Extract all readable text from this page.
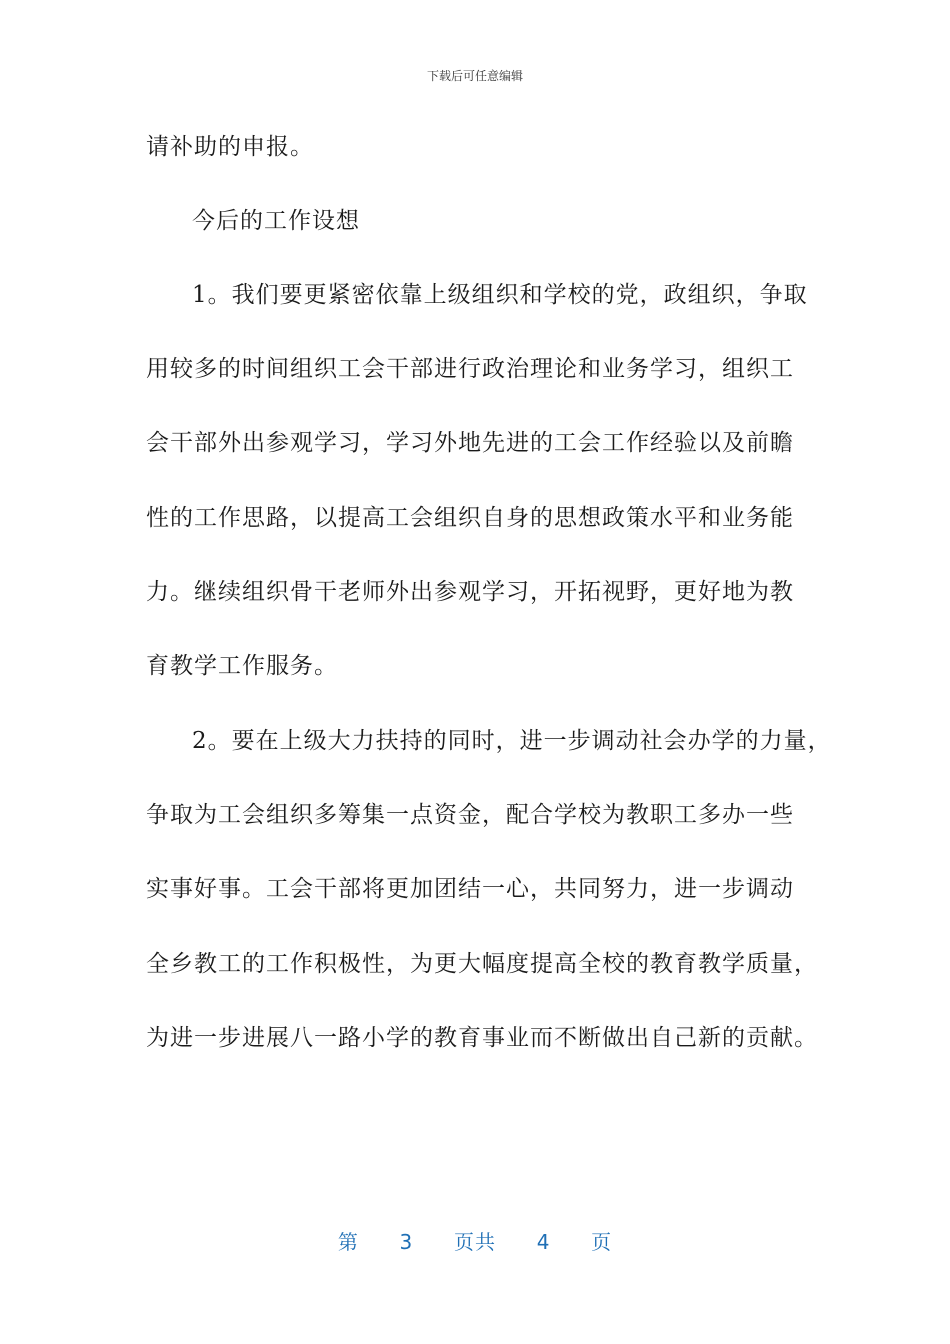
下载后可任意编辑
请补助的申报。
今后的工作设想
1。我们要更紧密依靠上级组织和学校的党，政组织，争取
用较多的时间组织工会干部进行政治理论和业务学习，组织工
会干部外出参观学习，学习外地先进的工会工作经验以及前瞻
性的工作思路，以提高工会组织自身的思想政策水平和业务能
力。继续组织骨干老师外出参观学习，开拓视野，更好地为教
育教学工作服务。
2。要在上级大力扶持的同时，进一步调动社会办学的力量，
争取为工会组织多筹集一点资金，配合学校为教职工多办一些
实事好事。工会干部将更加团结一心，共同努力，进一步调动
全乡教工的工作积极性，为更大幅度提高全校的教育教学质量，
为进一步进展八一路小学的教育事业而不断做出自己新的贡献。
第 3 页共 4 页
